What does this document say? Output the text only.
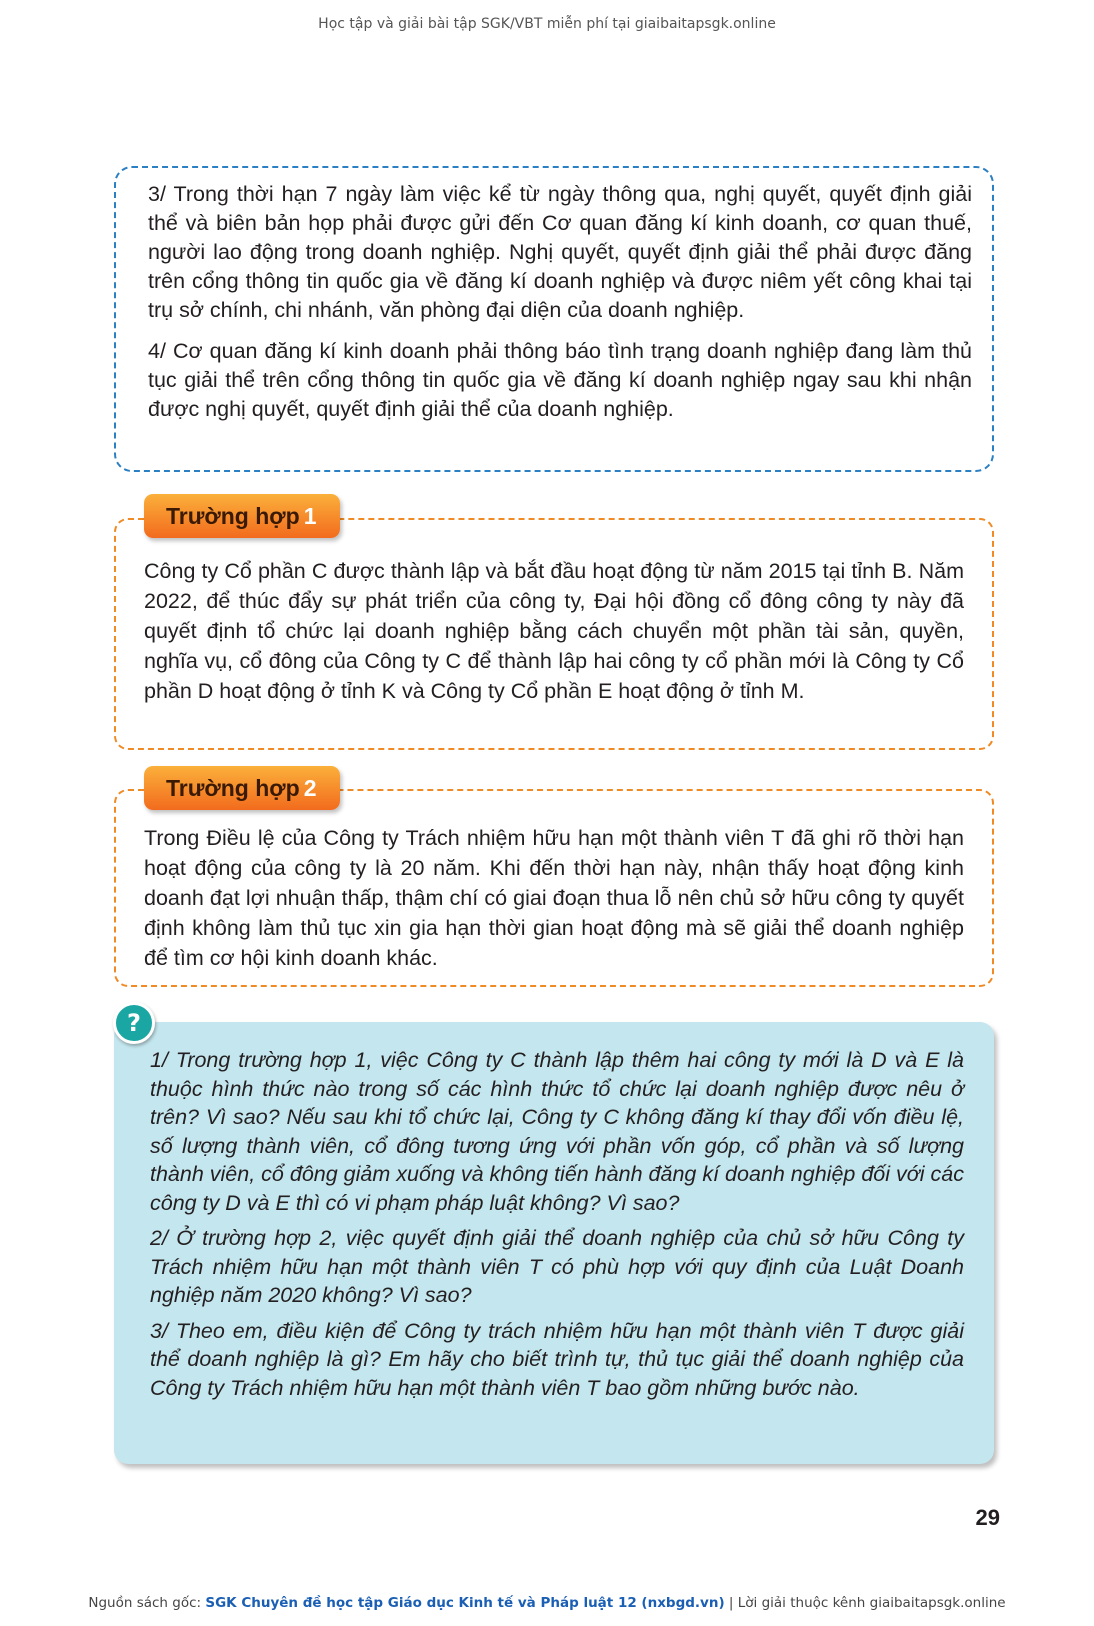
Học tập và giải bài tập SGK/VBT miễn phí tại giaibaitapsgk.online

3/ Trong thời hạn 7 ngày làm việc kể từ ngày thông qua, nghị quyết, quyết định giải thể và biên bản họp phải được gửi đến Cơ quan đăng kí kinh doanh, cơ quan thuế, người lao động trong doanh nghiệp. Nghị quyết, quyết định giải thể phải được đăng trên cổng thông tin quốc gia về đăng kí doanh nghiệp và được niêm yết công khai tại trụ sở chính, chi nhánh, văn phòng đại diện của doanh nghiệp.

4/ Cơ quan đăng kí kinh doanh phải thông báo tình trạng doanh nghiệp đang làm thủ tục giải thể trên cổng thông tin quốc gia về đăng kí doanh nghiệp ngay sau khi nhận được nghị quyết, quyết định giải thể của doanh nghiệp.

Công ty Cổ phần C được thành lập và bắt đầu hoạt động từ năm 2015 tại tỉnh B. Năm 2022, để thúc đẩy sự phát triển của công ty, Đại hội đồng cổ đông công ty này đã quyết định tổ chức lại doanh nghiệp bằng cách chuyển một phần tài sản, quyền, nghĩa vụ, cổ đông của Công ty C để thành lập hai công ty cổ phần mới là Công ty Cổ phần D hoạt động ở tỉnh K và Công ty Cổ phần E hoạt động ở tỉnh M.

Trường hợp 1

Trong Điều lệ của Công ty Trách nhiệm hữu hạn một thành viên T đã ghi rõ thời hạn hoạt động của công ty là 20 năm. Khi đến thời hạn này, nhận thấy hoạt động kinh doanh đạt lợi nhuận thấp, thậm chí có giai đoạn thua lỗ nên chủ sở hữu công ty quyết định không làm thủ tục xin gia hạn thời gian hoạt động mà sẽ giải thể doanh nghiệp để tìm cơ hội kinh doanh khác.

Trường hợp 2

1/ Trong trường hợp 1, việc Công ty C thành lập thêm hai công ty mới là D và E là thuộc hình thức nào trong số các hình thức tổ chức lại doanh nghiệp được nêu ở trên? Vì sao? Nếu sau khi tổ chức lại, Công ty C không đăng kí thay đổi vốn điều lệ, số lượng thành viên, cổ đông tương ứng với phần vốn góp, cổ phần và số lượng thành viên, cổ đông giảm xuống và không tiến hành đăng kí doanh nghiệp đối với các công ty D và E thì có vi phạm pháp luật không? Vì sao?

2/ Ở trường hợp 2, việc quyết định giải thể doanh nghiệp của chủ sở hữu Công ty Trách nhiệm hữu hạn một thành viên T có phù hợp với quy định của Luật Doanh nghiệp năm 2020 không? Vì sao?

3/ Theo em, điều kiện để Công ty trách nhiệm hữu hạn một thành viên T được giải thể doanh nghiệp là gì? Em hãy cho biết trình tự, thủ tục giải thể doanh nghiệp của Công ty Trách nhiệm hữu hạn một thành viên T bao gồm những bước nào.

?
29
Nguồn sách gốc: SGK Chuyên đề học tập Giáo dục Kinh tế và Pháp luật 12 (nxbgd.vn) | Lời giải thuộc kênh giaibaitapsgk.online
